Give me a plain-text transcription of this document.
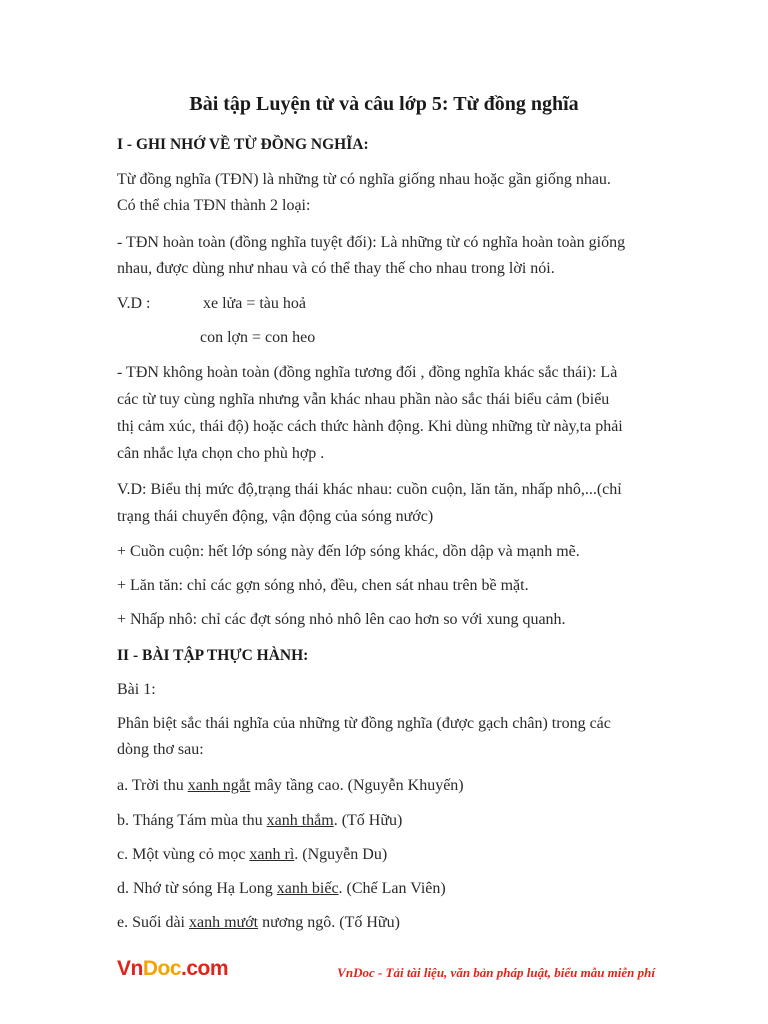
Bài tập Luyện từ và câu lớp 5: Từ đồng nghĩa
I - GHI NHỚ VỀ TỪ ĐỒNG NGHĨA:
Từ đồng nghĩa (TĐN) là những từ có nghĩa giống nhau hoặc gần giống nhau.
Có thể chia TĐN thành 2 loại:
- TĐN hoàn toàn (đồng nghĩa tuyệt đối): Là những từ có nghĩa hoàn toàn giống
nhau, được dùng như nhau và có thể thay thế cho nhau trong lời nói.
V.D :	xe lửa = tàu hoả
con lợn = con heo
- TĐN không hoàn toàn (đồng nghĩa tương đối , đồng nghĩa khác sắc thái): Là
các từ tuy cùng nghĩa nhưng vẫn khác nhau phần nào sắc thái biểu cảm (biểu
thị cảm xúc, thái độ) hoặc cách thức hành động. Khi dùng những từ này,ta phải
cân nhắc lựa chọn cho phù hợp .
V.D: Biểu thị mức độ,trạng thái khác nhau: cuồn cuộn, lăn tăn, nhấp nhô,...(chỉ
trạng thái chuyển động, vận động của sóng nước)
+ Cuồn cuộn: hết lớp sóng này đến lớp sóng khác, dồn dập và mạnh mẽ.
+ Lăn tăn: chỉ các gợn sóng nhỏ, đều, chen sát nhau trên bề mặt.
+ Nhấp nhô: chỉ các đợt sóng nhỏ nhô lên cao hơn so với xung quanh.
II - BÀI TẬP THỰC HÀNH:
Bài 1:
Phân biệt sắc thái nghĩa của những từ đồng nghĩa (được gạch chân) trong các
dòng thơ sau:
a. Trời thu xanh ngắt mây tầng cao. (Nguyễn Khuyến)
b. Tháng Tám mùa thu xanh thắm. (Tố Hữu)
c. Một vùng cỏ mọc xanh rì. (Nguyễn Du)
d. Nhớ từ sóng Hạ Long xanh biếc. (Chế Lan Viên)
e. Suối dài xanh mướt nương ngô. (Tố Hữu)
VnDoc.com	VnDoc - Tải tài liệu, văn bản pháp luật, biểu mẫu miễn phí
